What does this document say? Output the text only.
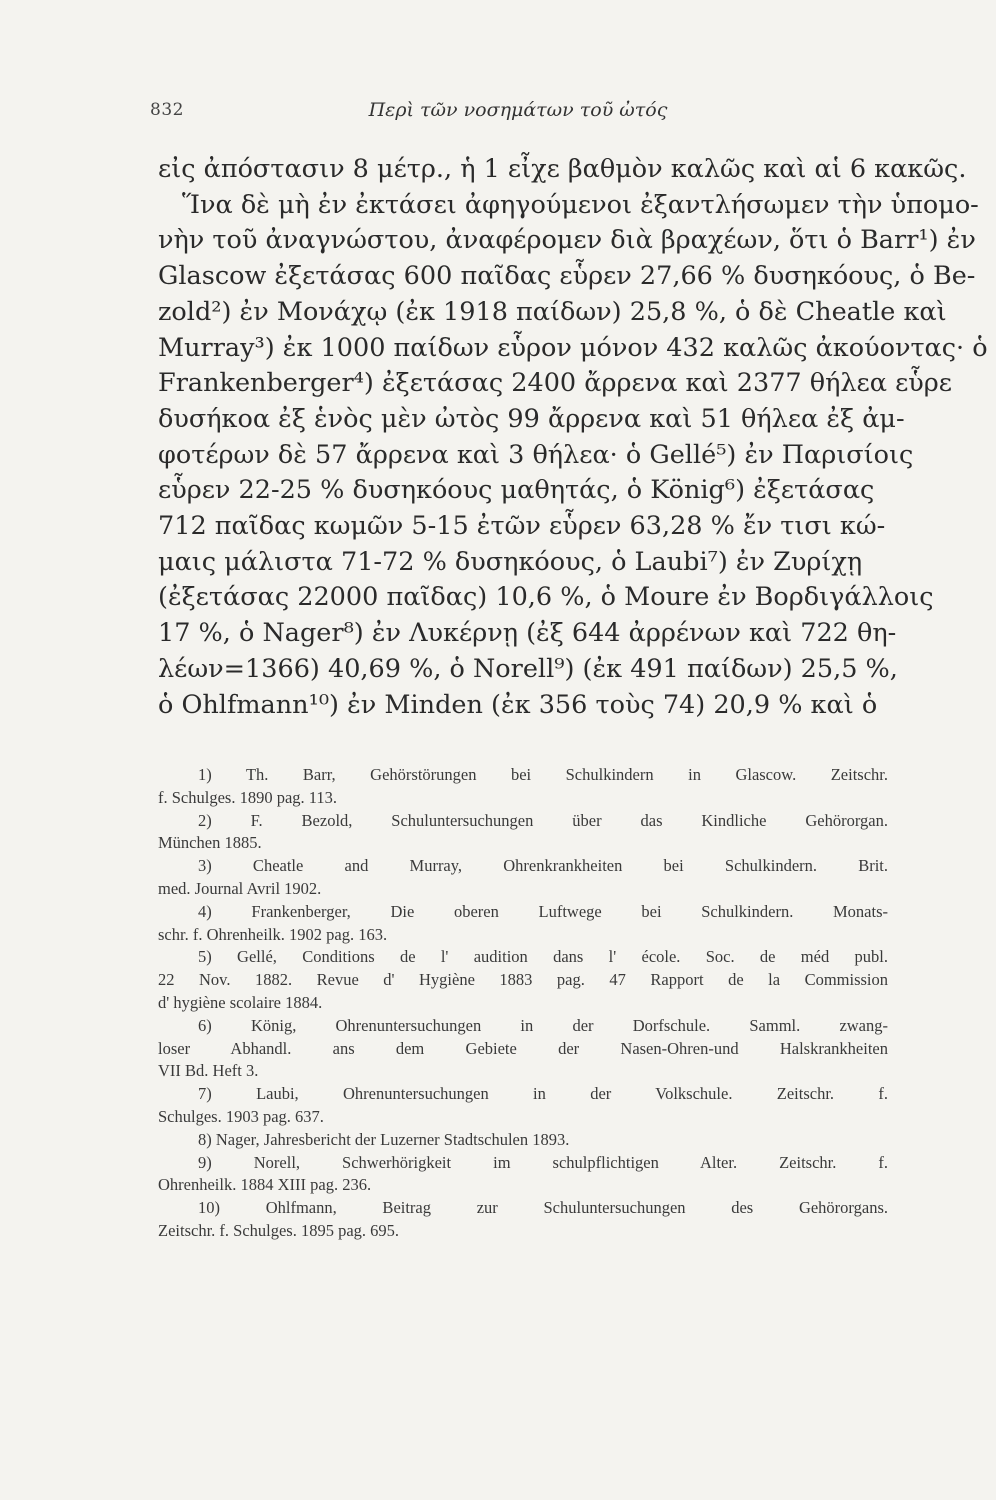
832	Περὶ τῶν νοσημάτων τοῦ ὠτός
εἰς ἀπόστασιν 8 μέτρ., ἡ 1 εἶχε βαθμὸν καλῶς καὶ αἱ 6 κακῶς.
Ἵνα δὲ μὴ ἐν ἐκτάσει ἀφηγούμενοι ἐξαντλήσωμεν τὴν ὑπομο-
νὴν τοῦ ἀναγνώστου, ἀναφέρομεν διὰ βραχέων, ὅτι ὁ Barr¹) ἐν
Glascow ἐξετάσας 600 παῖδας εὗρεν 27,66 % δυσηκόους, ὁ Be-
zold²) ἐν Μονάχῳ (ἐκ 1918 παίδων) 25,8 %, ὁ δὲ Cheatle καὶ
Murray³) ἐκ 1000 παίδων εὗρον μόνον 432 καλῶς ἀκούοντας· ὁ
Frankenberger⁴) ἐξετάσας 2400 ἄρρενα καὶ 2377 θήλεα εὗρε
δυσήκοα ἐξ ἑνὸς μὲν ὠτὸς 99 ἄρρενα καὶ 51 θήλεα ἐξ ἀμ-
φοτέρων δὲ 57 ἄρρενα καὶ 3 θήλεα· ὁ Gellé⁵) ἐν Παρισίοις
εὗρεν 22-25 % δυσηκόους μαθητάς, ὁ König⁶) ἐξετάσας
712 παῖδας κωμῶν 5-15 ἐτῶν εὗρεν 63,28 % ἔν τισι κώ-
μαις μάλιστα 71-72 % δυσηκόους, ὁ Laubi⁷) ἐν Ζυρίχῃ
(ἐξετάσας 22000 παῖδας) 10,6 %, ὁ Moure ἐν Βορδιγάλλοις
17 %, ὁ Nager⁸) ἐν Λυκέρνῃ (ἐξ 644 ἀρρένων καὶ 722 θη-
λέων=1366) 40,69 %, ὁ Norell⁹) (ἐκ 491 παίδων) 25,5 %,
ὁ Ohlfmann¹⁰) ἐν Minden (ἐκ 356 τοὺς 74) 20,9 % καὶ ὁ
1) Th. Barr, Gehörstörungen bei Schulkindern in Glascow. Zeitschr.
f. Schulges. 1890 pag. 113.
2) F. Bezold, Schuluntersuchungen über das Kindliche Gehörorgan.
München 1885.
3) Cheatle and Murray, Ohrenkrankheiten bei Schulkindern. Brit.
med. Journal Avril 1902.
4) Frankenberger, Die oberen Luftwege bei Schulkindern. Monats-
schr. f. Ohrenheilk. 1902 pag. 163.
5) Gellé, Conditions de l' audition dans l' école. Soc. de méd publ.
22 Nov. 1882. Revue d' Hygiène 1883 pag. 47 Rapport de la Commission
d' hygiène scolaire 1884.
6) König, Ohrenuntersuchungen in der Dorfschule. Samml. zwang-
loser Abhandl. ans dem Gebiete der Nasen-Ohren-und Halskrankheiten
VII Bd. Heft 3.
7) Laubi, Ohrenuntersuchungen in der Volkschule. Zeitschr. f.
Schulges. 1903 pag. 637.
8) Nager, Jahresbericht der Luzerner Stadtschulen 1893.
9) Norell, Schwerhörigkeit im schulpflichtigen Alter. Zeitschr. f.
Ohrenheilk. 1884 XIII pag. 236.
10) Ohlfmann, Beitrag zur Schuluntersuchungen des Gehörorgans.
Zeitschr. f. Schulges. 1895 pag. 695.
